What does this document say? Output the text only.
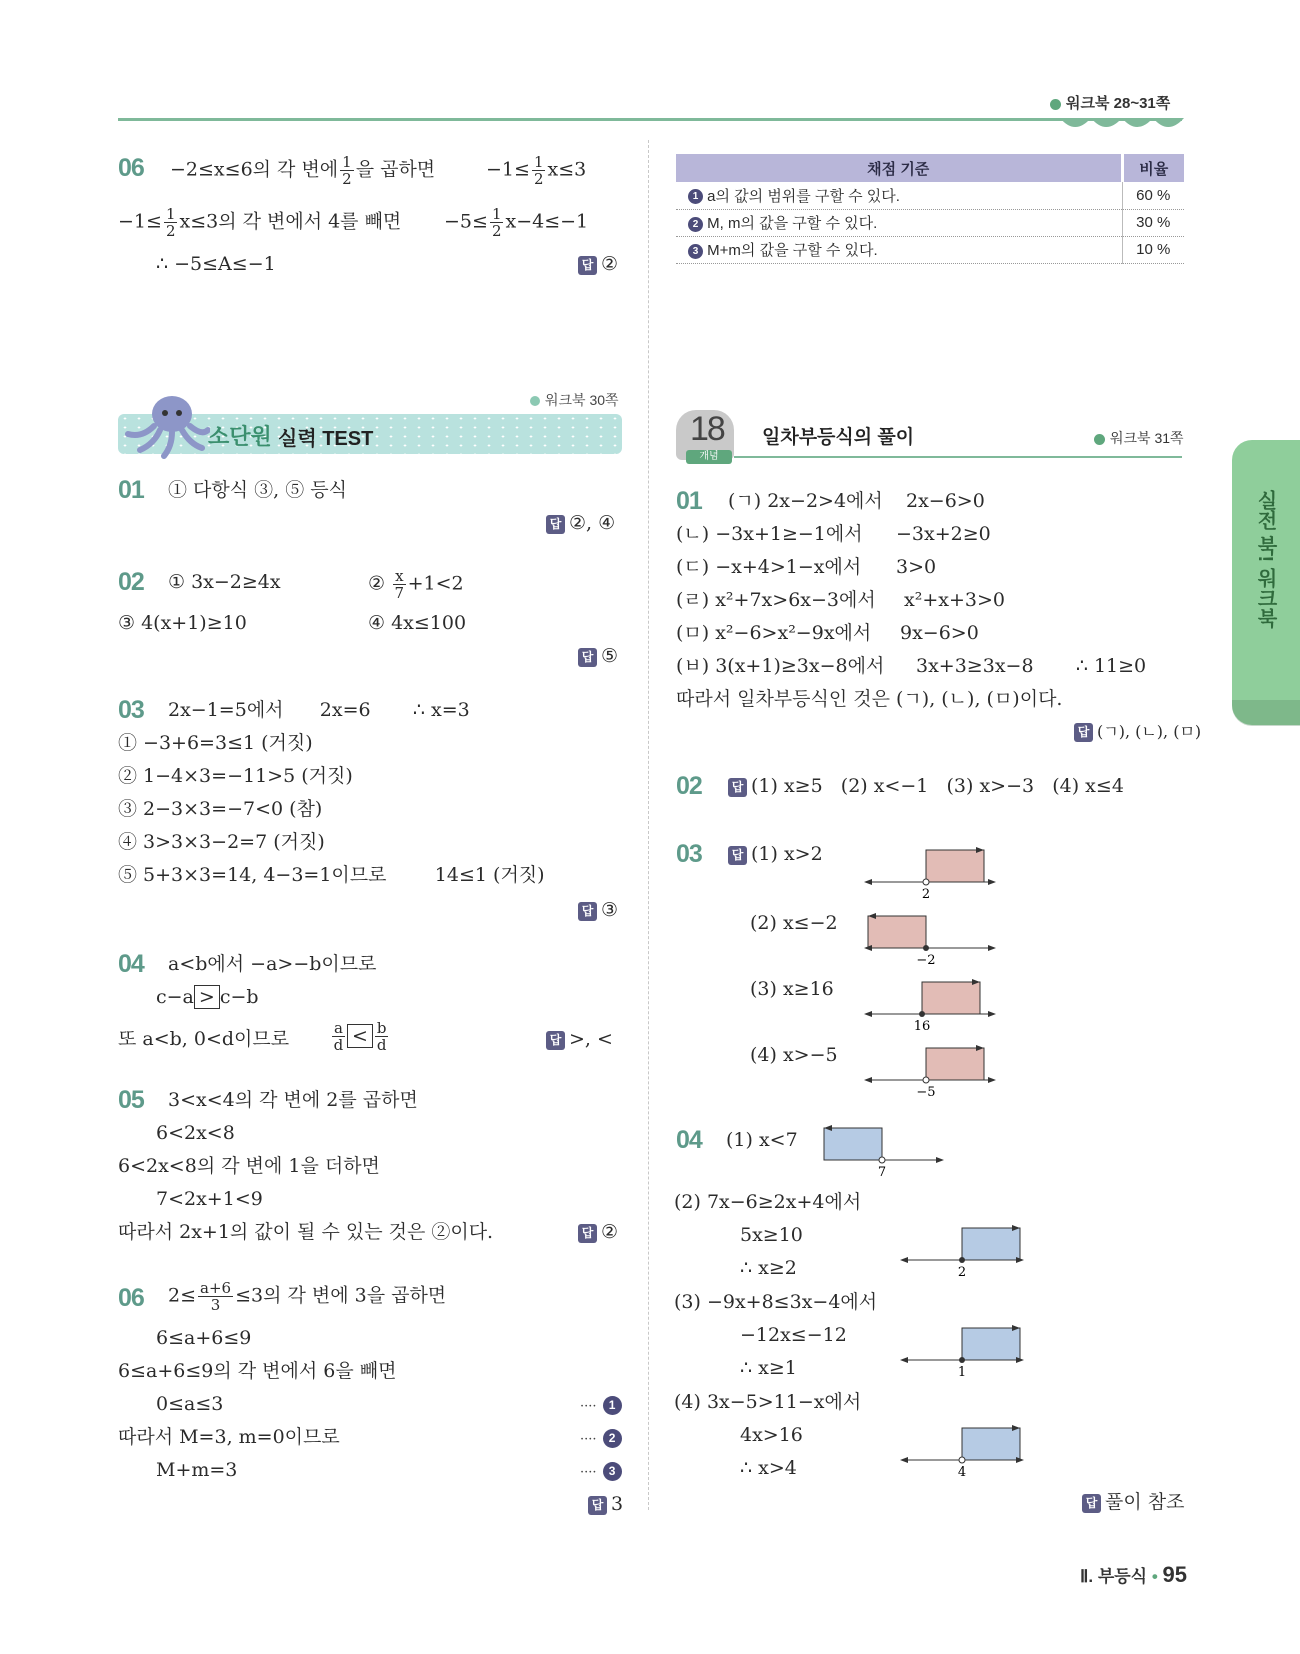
워크북 28~31쪽
06 −2≤x≤6의 각 변에 $\frac{1}{2}$ 을 곱하면	$-1\le \frac{1}{2} x\le 3$
$-1\le \frac{1}{2} x\le 3$의 각 변에서 4를 빼면 $-5\le \frac{1}{2} x-4\le-1$
∴ −5≤A≤−1	답 ②
워크북 30쪽
소단원 실력 TEST
01 ① 다항식 ③, ⑤ 등식
답 ②, ④
02 ① 3x−2≥4x	② $\frac{x}{7} +1<2$
③ 4(x+1)≥10	④ 4x≤100
답 ⑤
03 2x−1=5에서      2x=6       ∴ x=3
① −3+6=3≤1 (거짓)
② 1−4×3=−11>5 (거짓)
③ 2−3×3=−7<0 (참)
④ 3>3×3−2=7 (거짓)
⑤ 5+3×3=14, 4−3=1이므로        14≤1 (거짓)
답 ③
04 a<b에서 −a>−b이므로
c−a > c−b
또 a<b, 0<d이므로	$\frac{a}{d} < \frac{b}{d}$	답 >, <
05 3<x<4의 각 변에 2를 곱하면
6<2x<8
6<2x<8의 각 변에 1을 더하면
7<2x+1<9
따라서 2x+1의 값이 될 수 있는 것은 ②이다.	답 ②
06 $2\le \frac{a+6}{3} \le 3$의 각 변에 3을 곱하면
6≤a+6≤9
6≤a+6≤9의 각 변에서 6을 빼면
0≤a≤3
따라서 M=3, m=0이므로
M+m=3
···· 1
···· 2
···· 3
답 3
채점 기준	비율
1 a의 값의 범위를 구할 수 있다.	60 %
2 M, m의 값을 구할 수 있다.	30 %
3 M+m의 값을 구할 수 있다.	10 %
18
개념
일차부등식의 풀이	워크북 31쪽
01 (ㄱ) 2x−2>4에서 2x−6>0
(ㄴ) −3x+1≥−1에서 −3x+2≥0
(ㄷ) −x+4>1−x에서 3>0
(ㄹ) x²+7x>6x−3에서 x²+x+3>0
(ㅁ) x²−6>x²−9x에서 9x−6>0
(ㅂ) 3(x+1)≥3x−8에서 3x+3≥3x−8       ∴ 11≥0
따라서 일차부등식인 것은 (ㄱ), (ㄴ), (ㅁ)이다.
답 (ㄱ), (ㄴ), (ㅁ)
02	답 (1) x≥5   (2) x<−1   (3) x>−3   (4) x≤4
03	답 (1) x>2
(2) x≤−2
(3) x≥16
(4) x>−5
2
−2
16
−5
04 (1) x<7
7
(2) 7x−6≥2x+4에서
5x≥10
∴ x≥2	2
(3) −9x+8≤3x−4에서
−12x≤−12
∴ x≥1	1
(4) 3x−5>11−x에서
4x>16
∴ x>4	4
답 풀이 참조
실전 북! 워크북
Ⅱ. 부등식 • 95
